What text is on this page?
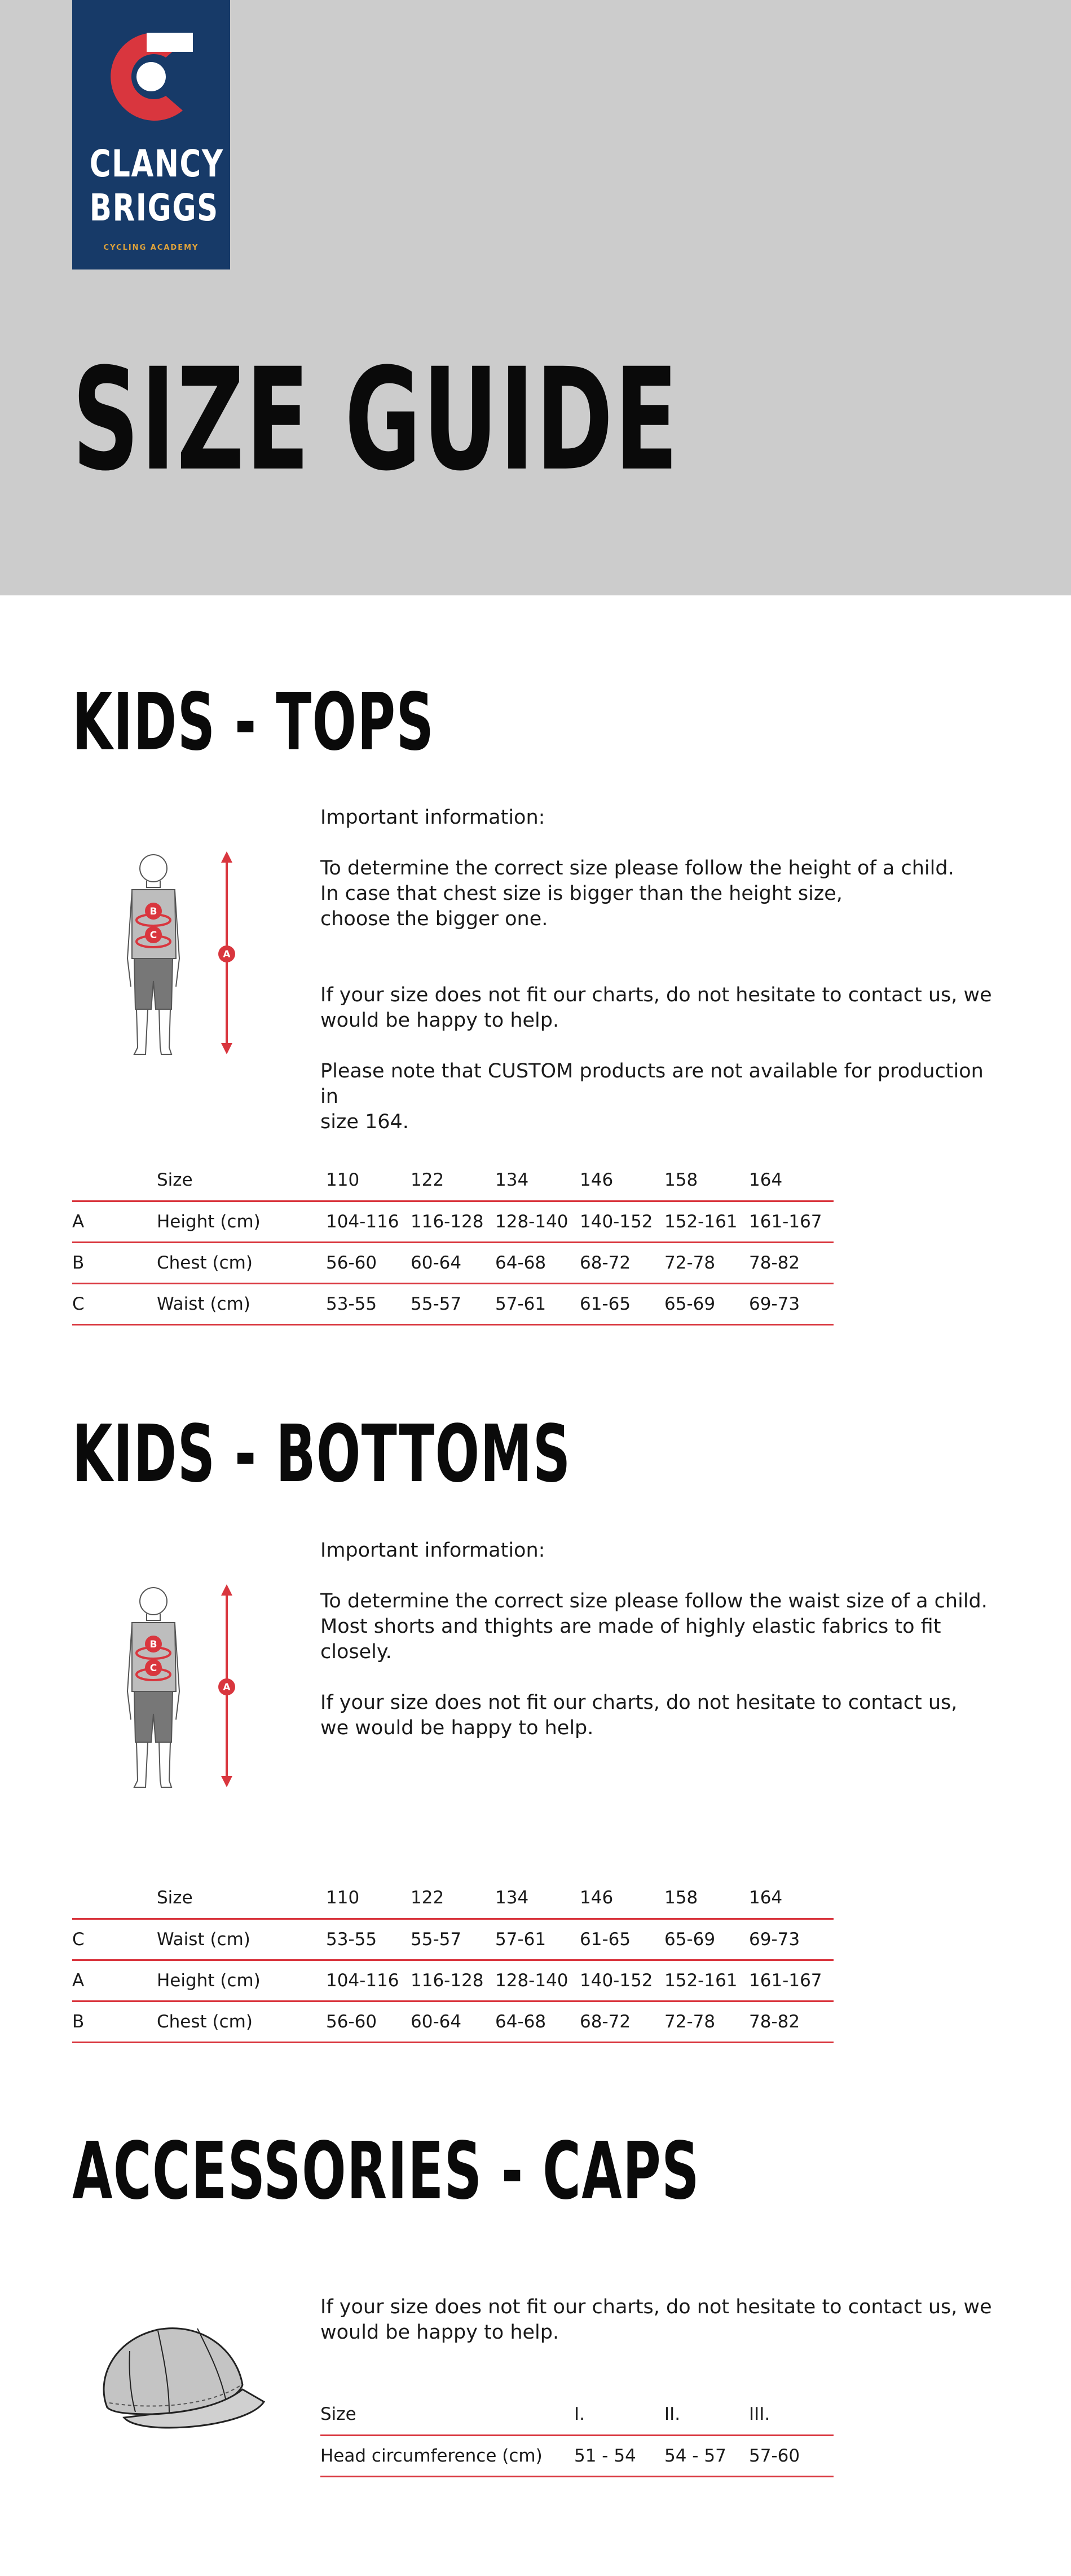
CLANCY
BRIGGS
CYCLING ACADEMY
SIZE GUIDE
KIDS - TOPS
B
C
A

Important information:

To determine the correct size please follow the height of a child.
In case that chest size is bigger than the height size,
choose the bigger one.

If your size does not fit our charts, do not hesitate to contact us, we
would be happy to help.

Please note that CUSTOM products are not available for production in
size 164.

	Size	110	122	134	146	158	164
A	Height (cm)	104-116	116-128	128-140	140-152	152-161	161-167
B	Chest (cm)	56-60	60-64	64-68	68-72	72-78	78-82
C	Waist (cm)	53-55	55-57	57-61	61-65	65-69	69-73
KIDS - BOTTOMS
B
C
A

Important information:

To determine the correct size please follow the waist size of a child.
Most shorts and thights are made of highly elastic fabrics to fit closely.

If your size does not fit our charts, do not hesitate to contact us,
we would be happy to help.

	Size	110	122	134	146	158	164
C	Waist (cm)	53-55	55-57	57-61	61-65	65-69	69-73
A	Height (cm)	104-116	116-128	128-140	140-152	152-161	161-167
B	Chest (cm)	56-60	60-64	64-68	68-72	72-78	78-82
ACCESSORIES - CAPS

If your size does not fit our charts, do not hesitate to contact us, we
would be happy to help.

Size	I.	II.	III.
Head circumference (cm)	51 - 54	54 - 57	57-60
